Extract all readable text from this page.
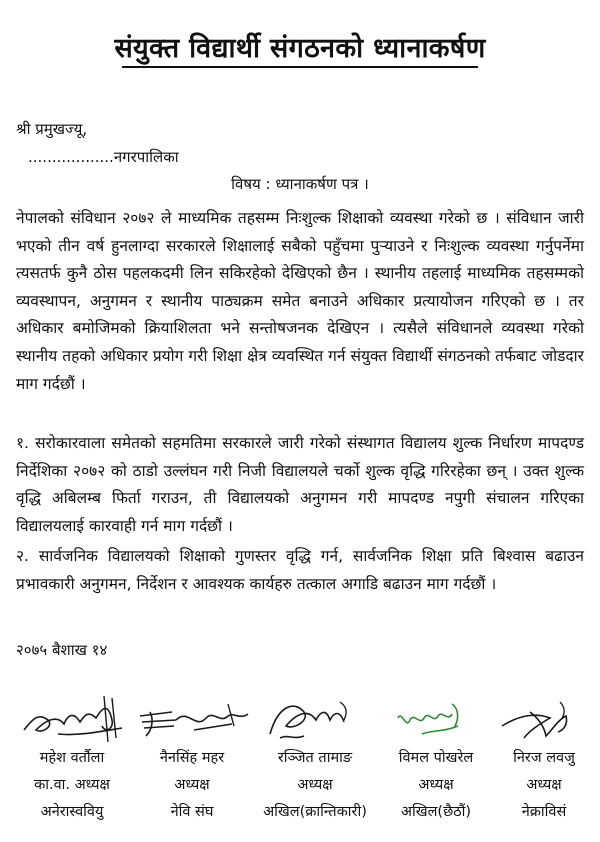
संयुक्त विद्यार्थी संगठनको ध्यानाकर्षण
श्री प्रमुखज्यू,
..................नगरपालिका
विषय : ध्यानाकर्षण पत्र ।

नेपालको संविधान २०७२ ले माध्यमिक तहसम्म निःशुल्क शिक्षाको व्यवस्था गरेको छ । संविधान जारी भएको तीन वर्ष हुनलाग्दा सरकारले शिक्षालाई सबैको पहुँचमा पुऱ्याउने र निःशुल्क व्यवस्था गर्नुपर्नेमा त्यसतर्फ कुनै ठोस पहलकदमी लिन सकिरहेको देखिएको छैन । स्थानीय तहलाई माध्यमिक तहसम्मको व्यवस्थापन, अनुगमन र स्थानीय पाठ्यक्रम समेत बनाउने अधिकार प्रत्यायोजन गरिएको छ । तर अधिकार बमोजिमको क्रियाशिलता भने सन्तोषजनक देखिएन । त्यसैले संविधानले व्यवस्था गरेको स्थानीय तहको अधिकार प्रयोग गरी शिक्षा क्षेत्र व्यवस्थित गर्न संयुक्त विद्यार्थी संगठनको तर्फबाट जोडदार माग गर्दछौं ।

१. सरोकारवाला समेतको सहमतिमा सरकारले जारी गरेको संस्थागत विद्यालय शुल्क निर्धारण मापदण्ड निर्देशिका २०७२ को ठाडो उल्लंघन गरी निजी विद्यालयले चर्को शुल्क वृद्धि गरिरहेका छन् । उक्त शुल्क वृद्धि अबिलम्ब फिर्ता गराउन, ती विद्यालयको अनुगमन गरी मापदण्ड नपुगी संचालन गरिएका विद्यालयलाई कारवाही गर्न माग गर्दछौं ।

२. सार्वजनिक विद्यालयको शिक्षाको गुणस्तर वृद्धि गर्न, सार्वजनिक शिक्षा प्रति बिश्वास बढाउन प्रभावकारी अनुगमन, निर्देशन र आवश्यक कार्यहरु तत्काल अगाडि बढाउन माग गर्दछौं ।

२०७५ बैशाख १४
महेश वर्तौला
का.वा. अध्यक्ष
अनेरास्ववियु
नैनसिंह महर
अध्यक्ष
नेवि संघ
रञ्जित तामाङ
अध्यक्ष
अखिल(क्रान्तिकारी)
विमल पोखरेल
अध्यक्ष
अखिल(छैठौं)
निरज लवजु
अध्यक्ष
नेक्राविसं
